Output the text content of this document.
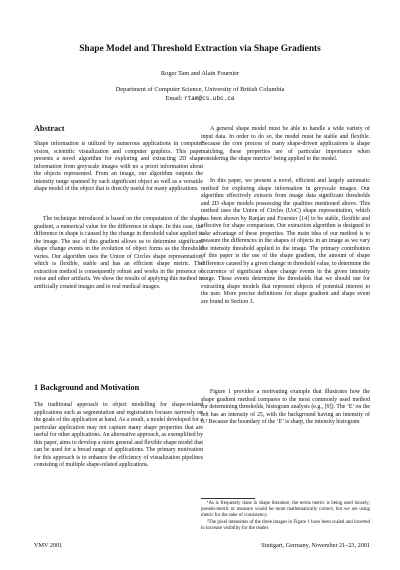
Shape Model and Threshold Extraction via Shape Gradients
Roger Tam and Alain Fournier
Department of Computer Science, University of British Columbia
Email: rtam@cs.ubc.ca
Abstract

Shape information is utilized by numerous applications in computer vision, scientific visualization and computer graphics. This paper presents a novel algorithm for exploring and extracting 2D shape information from greyscale images with no a priori information about the objects represented. From an image, our algorithm outputs the intensity range spanned by each significant object as well as a versatile shape model of the object that is directly useful for many applications.

The technique introduced is based on the computation of the shape gradient, a numerical value for the difference in shape. In this case, the difference in shape is caused by the change in threshold value applied to the image. The use of this gradient allows us to determine significant shape change events in the evolution of object forms as the threshold varies. Our algorithm uses the Union of Circles shape representation, which is flexible, stable and has an efficient shape metric. The extraction method is consequently robust and works in the presence of noise and other artifacts. We show the results of applying this method to artificially created images and to real medical images.

1 Background and Motivation

The traditional approach to object modelling for shape-related applications such as segmentation and registration focuses narrowly on the goals of the application at hand. As a result, a model developed for a particular application may not capture many shape properties that are useful for other applications. An alternative approach, as exemplified by this paper, aims to develop a more general and flexible shape model that can be used for a broad range of applications. The primary motivation for this approach is to enhance the efficiency of visualization pipelines consisting of multiple shape-related applications.

A general shape model must be able to handle a wide variety of input data. In order to do so, the model must be stable and flexible. Because the core process of many shape-driven applications is shape matching, these properties are of particular importance when considering the shape metrics¹ being applied to the model.

In this paper, we present a novel, efficient and largely automatic method for exploring shape information in greyscale images. Our algorithm effectively extracts from image data significant thresholds and 2D shape models possessing the qualities mentioned above. This method uses the Union of Circles (UoC) shape representation, which has been shown by Ranjan and Fournier [14] to be stable, flexible and effective for shape comparison. Our extraction algorithm is designed to take advantage of these properties. The main idea of our method is to measure the differences in the shapes of objects in an image as we vary the intensity threshold applied to the image. The primary contribution of this paper is the use of the shape gradient, the amount of shape difference caused by a given change in threshold value, to determine the occurrence of significant shape change events in the given intensity range. These events determine the thresholds that we should use for extracting shape models that represent objects of potential interest to the user. More precise definitions for shape gradient and shape event are found in Section 3.

Figure 1 provides a motivating example that illustrates how the shape gradient method compares to the most commonly used method for determining thresholds, histogram analysis (e.g., [9]). The ‘E’ on the left has an intensity of 25, with the background having an intensity of 0.² Because the boundary of the ‘E’ is sharp, the intensity histogram

¹As is frequently done in shape literature, the terms metric is being used loosely; pseudo-metric or measure would be more mathematically correct, but we are using metric for the sake of consistency.

²The pixel intensities of the three images in Figure 1 have been scaled and inverted to increase visibility for the reader.

VMV 2001	Stuttgart, Germany, November 21–23, 2001
